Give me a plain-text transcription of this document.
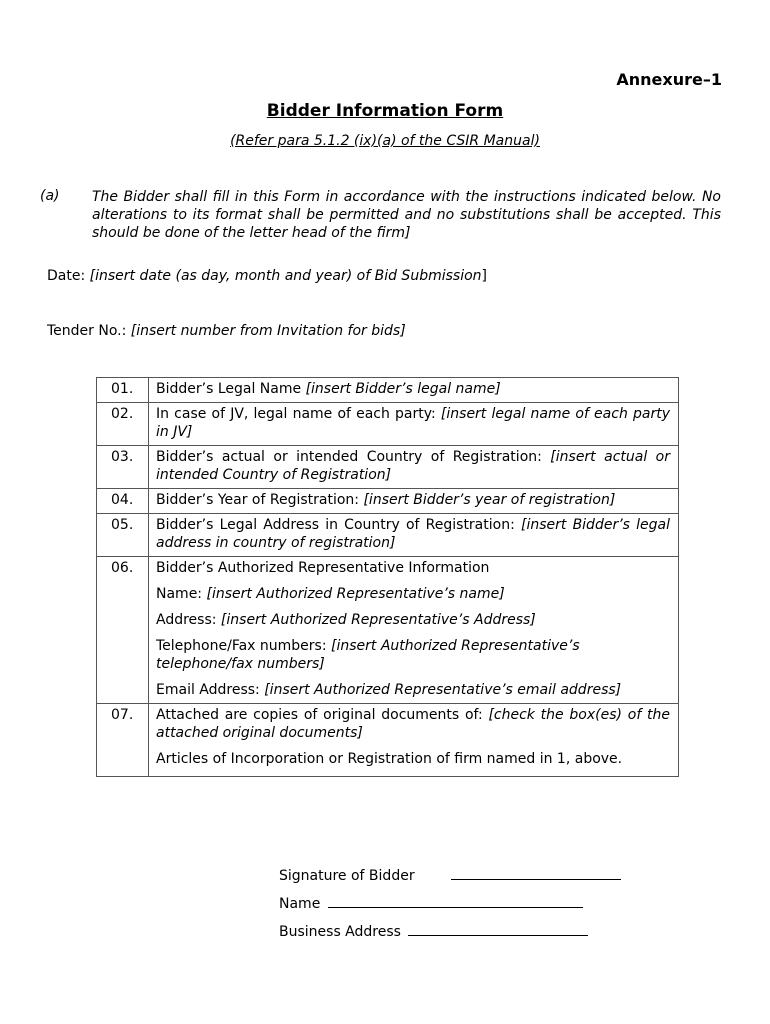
Annexure–1
Bidder Information Form
(Refer para 5.1.2 (ix)(a) of the CSIR Manual)
(a) The Bidder shall fill in this Form in accordance with the instructions indicated below. No alterations to its format shall be permitted and no substitutions shall be accepted. This should be done of the letter head of the firm]
Date: [insert date (as day, month and year) of Bid Submission]
Tender No.: [insert number from Invitation for bids]
01.	Bidder’s Legal Name [insert Bidder’s legal name]
02.	In case of JV, legal name of each party: [insert legal name of each party in JV]
03.	Bidder’s actual or intended Country of Registration: [insert actual or intended Country of Registration]
04.	Bidder’s Year of Registration: [insert Bidder’s year of registration]
05.	Bidder’s Legal Address in Country of Registration: [insert Bidder’s legal address in country of registration]
06.	Bidder’s Authorized Representative Information

Name: [insert Authorized Representative’s name]

Address: [insert Authorized Representative’s Address]

Telephone/Fax numbers: [insert Authorized Representative’s telephone/fax numbers]

Email Address: [insert Authorized Representative’s email address]

07.	Attached are copies of original documents of: [check the box(es) of the attached original documents]

Articles of Incorporation or Registration of firm named in 1, above.

Signature of Bidder
Name
Business Address
